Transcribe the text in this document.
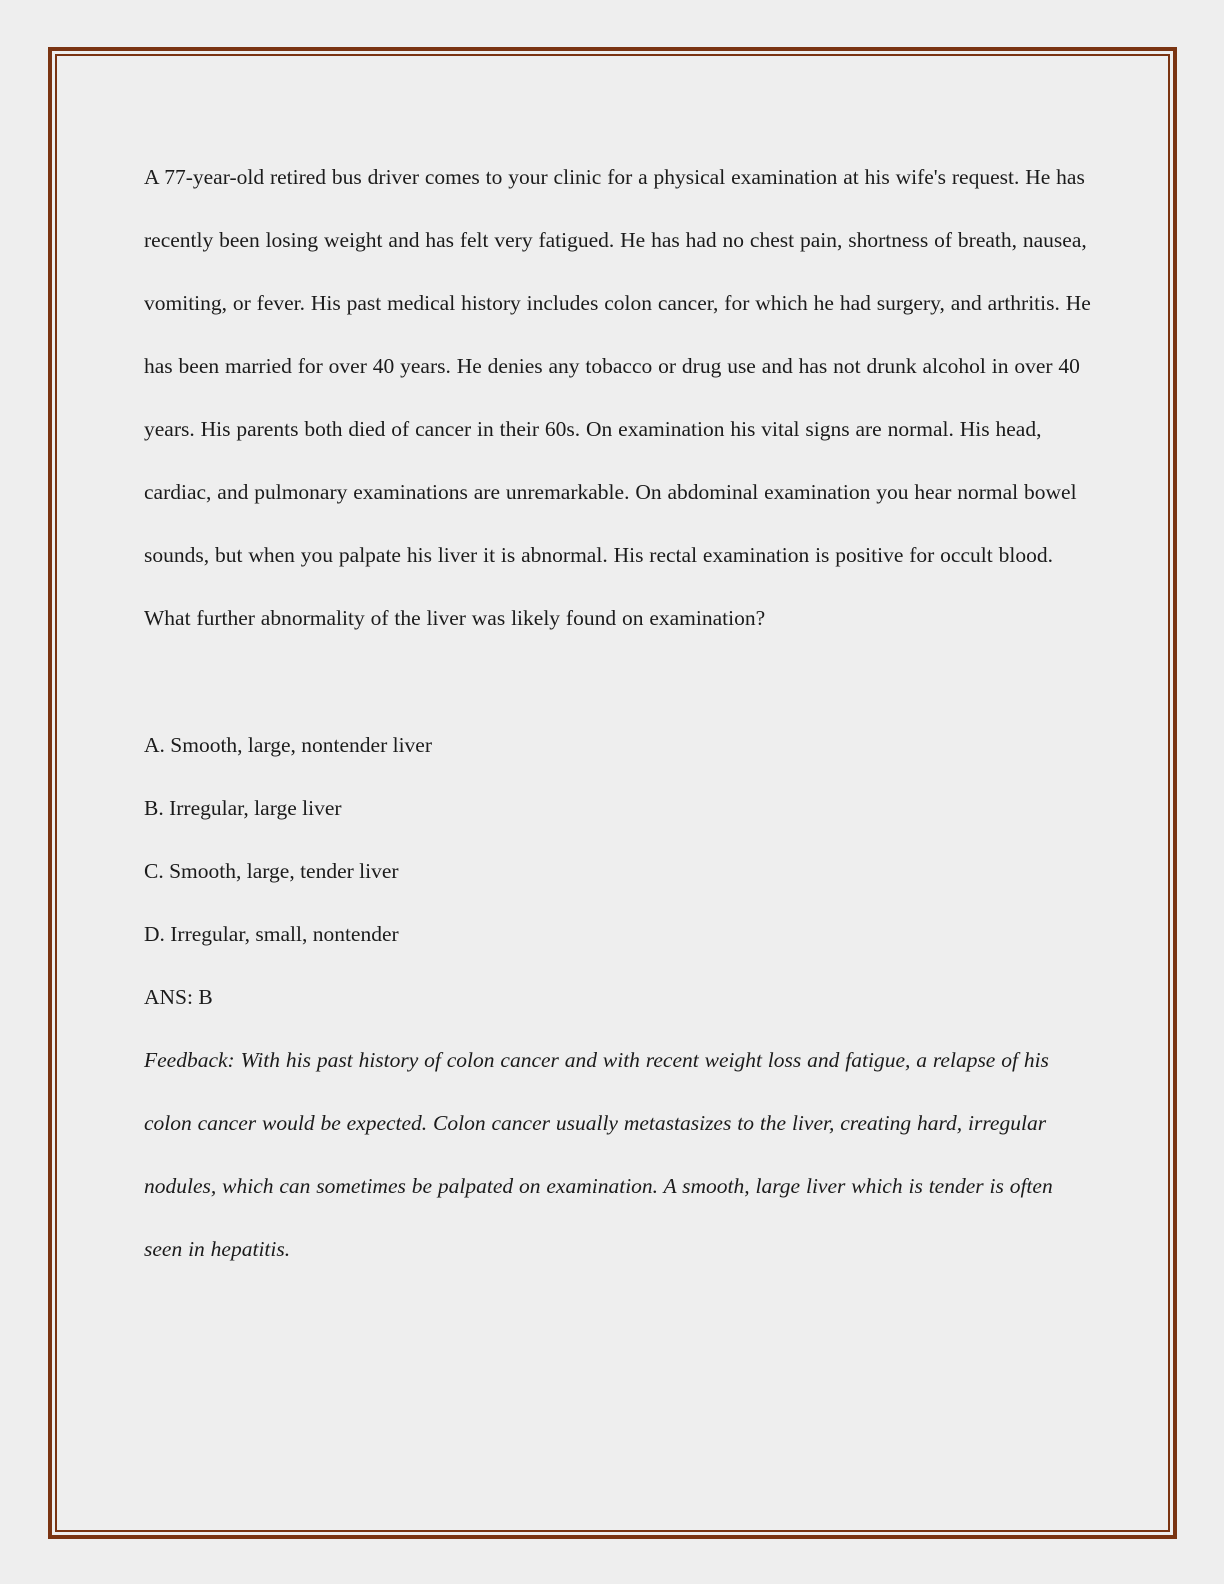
A 77-year-old retired bus driver comes to your clinic for a physical examination at his wife's request. He has recently been losing weight and has felt very fatigued. He has had no chest pain, shortness of breath, nausea, vomiting, or fever. His past medical history includes colon cancer, for which he had surgery, and arthritis. He has been married for over 40 years. He denies any tobacco or drug use and has not drunk alcohol in over 40 years. His parents both died of cancer in their 60s. On examination his vital signs are normal. His head, cardiac, and pulmonary examinations are unremarkable. On abdominal examination you hear normal bowel sounds, but when you palpate his liver it is abnormal. His rectal examination is positive for occult blood. What further abnormality of the liver was likely found on examination?

A. Smooth, large, nontender liver

B. Irregular, large liver

C. Smooth, large, tender liver

D. Irregular, small, nontender

ANS: B

Feedback: With his past history of colon cancer and with recent weight loss and fatigue, a relapse of his colon cancer would be expected. Colon cancer usually metastasizes to the liver, creating hard, irregular nodules, which can sometimes be palpated on examination. A smooth, large liver which is tender is often seen in hepatitis.
